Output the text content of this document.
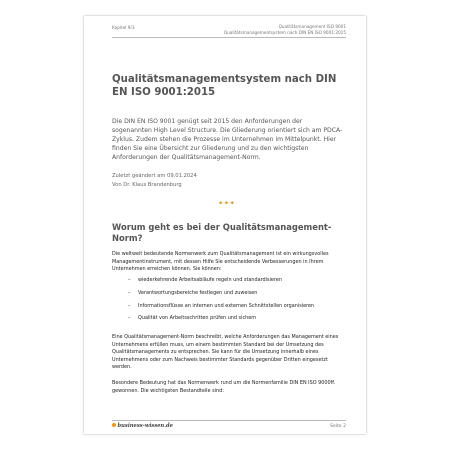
Kapitel 9/3	Qualitätsmanagement ISO 9001
Qualitätsmanagementsystem nach DIN EN ISO 9001:2015
Qualitätsmanagementsystem nach DIN EN ISO 9001:2015
Die DIN EN ISO 9001 genügt seit 2015 den Anforderungen der sogenannten High Level Structure. Die Gliederung orientiert sich am PDCA-Zyklus. Zudem stehen die Prozesse im Unternehmen im Mittelpunkt. Hier finden Sie eine Übersicht zur Gliederung und zu den wichtigsten Anforderungen der Qualitätsmanagement-Norm.
Zuletzt geändert am 09.01.2024
Von Dr. Klaus Brandenburg
•••
Worum geht es bei der Qualitätsmanagement-Norm?
Die weltweit bedeutende Normenwerk zum Qualitätsmanagement ist ein wirkungsvolles Managementinstrument, mit dessen Hilfe Sie entscheidende Verbesserungen in Ihrem Unternehmen erreichen können. Sie können:
– wiederkehrende Arbeitsabläufe regeln und standardisieren
– Verantwortungsbereiche festlegen und zuweisen
– Informationsflüsse an internen und externen Schnittstellen organisieren
– Qualität von Arbeitsschritten prüfen und sichern
Eine Qualitätsmanagement-Norm beschreibt, welche Anforderungen das Management eines Unternehmens erfüllen muss, um einem bestimmten Standard bei der Umsetzung des Qualitätsmanagements zu entsprechen. Sie kann für die Umsetzung innerhalb eines Unternehmens oder zum Nachweis bestimmter Standards gegenüber Dritten eingesetzt werden.
Besondere Bedeutung hat das Normenwerk rund um die Normenfamilie DIN EN ISO 9000ff. gewonnen. Die wichtigsten Bestandteile sind:
business-wissen.de	Seite 2
